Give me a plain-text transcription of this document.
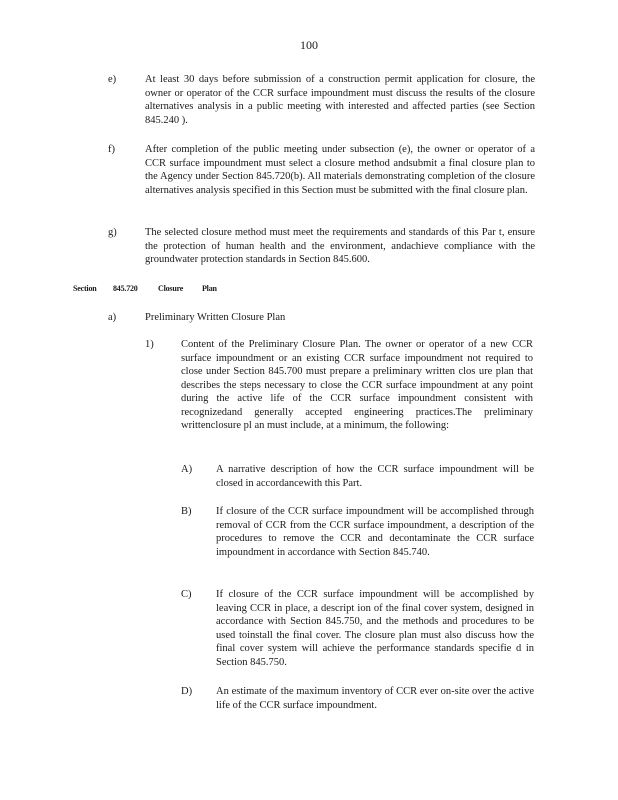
100
e)	At least 30 days before submission of a construction permit application for closure, the owner or operator of the CCR surface impoundment must discuss the results of the closure alternatives analysis in a public meeting with interested and affected parties (see Section 845.240 ).
f)	After completion of the public meeting under subsection (e), the owner or operator of a CCR surface impoundment must select a closure method andsubmit a final closure plan to the Agency under Section 845.720(b). All materials demonstrating completion of the closure alternatives analysis specified in this Section must be submitted with the final closure plan.
g)	The selected closure method must meet the requirements and standards of this Par t, ensure the protection of human health and the environment, andachieve compliance with the groundwater protection standards in Section 845.600.
Section 845.720	Closure Plan
a)	Preliminary Written Closure Plan
1)	Content of the Preliminary Closure Plan. The owner or operator of a new CCR surface impoundment or an existing CCR surface impoundment not required to close under Section 845.700 must prepare a preliminary written clos ure plan that describes the steps necessary to close the CCR surface impoundment at any point during the active life of the CCR surface impoundment consistent with recognizedand generally accepted engineering practices.The preliminary writtenclosure pl an must include, at a minimum, the following:
A) A narrative description of how the CCR surface impoundment will be closed in accordancewith this Part.
B) If closure of the CCR surface impoundment will be accomplished through removal of CCR from the CCR surface impoundment, a description of the procedures to remove the CCR and decontaminate the CCR surface impoundment in accordance with Section 845.740.
C) If closure of the CCR surface impoundment will be accomplished by leaving CCR in place, a descript ion of the final cover system, designed in accordance with Section 845.750, and the methods and procedures to be used toinstall the final cover. The closure plan must also discuss how the final cover system will achieve the performance standards specifie d in Section 845.750.
D) An estimate of the maximum inventory of CCR ever on-site over the active life of the CCR surface impoundment.
